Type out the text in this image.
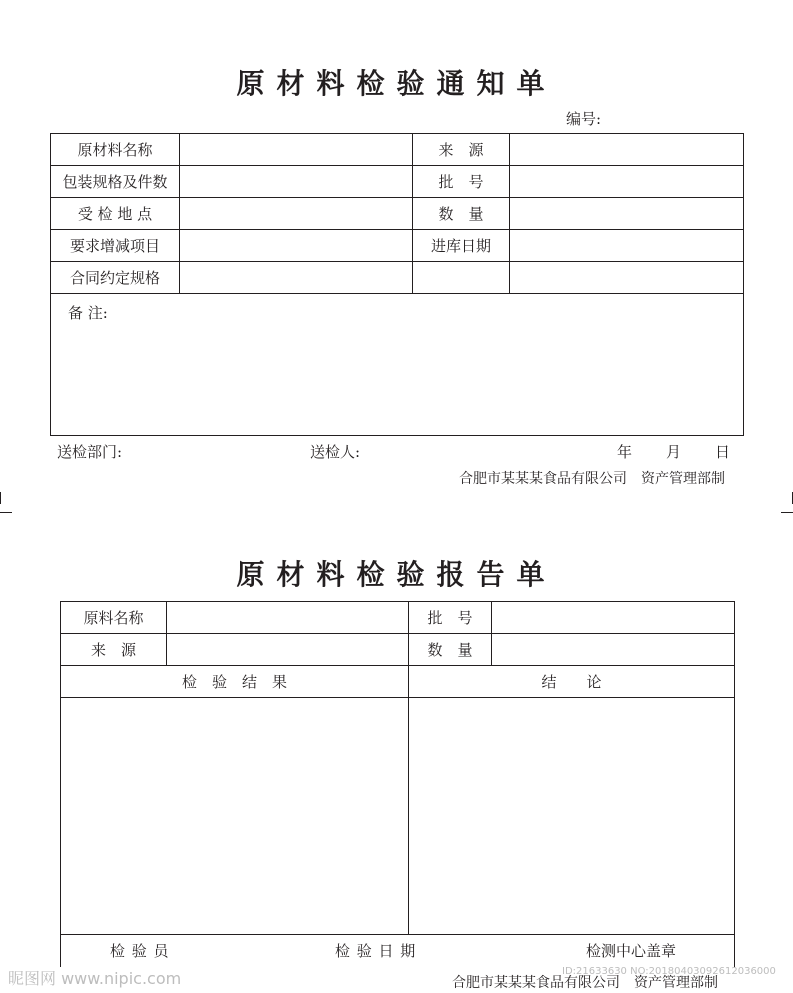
原材料检验通知单
编号:
原材料名称		来　源	
包装规格及件数		批　号	
受 检 地 点		数　量	
要求增减项目		进库日期	
合同约定规格			

备 注:
送检部门:	送检人:	年 月 日
合肥市某某某食品有限公司　资产管理部制
原材料检验报告单
原料名称		批　号	
来　源		数　量	
检　验　结　果		结　　论	

检 验 员	检 验 日 期	检测中心盖章
合肥市某某某食品有限公司　资产管理部制
昵图网 www.nipic.com	ID:21633630 NO:20180403092612036000
